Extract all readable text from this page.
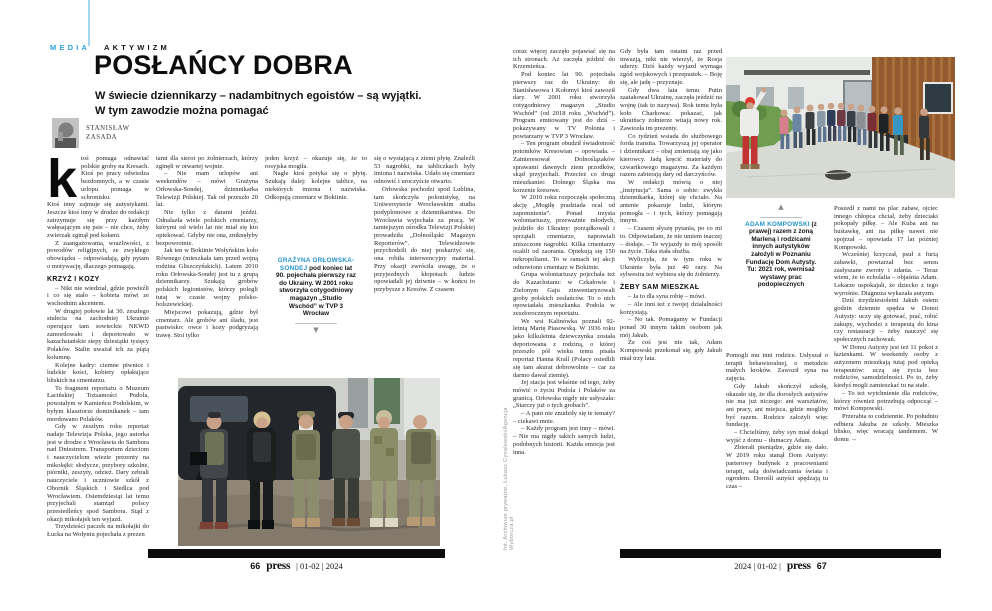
MEDIA AKTYWIZM
POSŁAŃCY DOBRA

W świecie dziennikarzy – nadambitnych egoistów – są wyjątki.
W tym zawodzie można pomagać

STANISŁAW
ZASADA

ktoś pomaga odnawiać polskie groby na Kresach. Ktoś po pracy odwiedza bezdomnych, a w czasie urlopu pomaga w schronisku.

Ktoś inny zajmuje się autystykami. Jeszcze ktoś inny w drodze do redakcji zatrzymuje się przy każdym wałęsającym się psie – nie chce, żeby zwierzak zginął pod kołami.

Z zaangażowania, wrażliwości, z powodów religijnych, ze zwykłego obowiązku – odpowiadają, gdy pytam o motywację, dlaczego pomagają.

KRZYŻ I KOZY

– Nikt nie wiedział, gdzie powieźli i co się stało – kobieta mówi ze wschodnim akcentem.

W drugiej połowie lat 30. zeszłego stulecia na zachodniej Ukrainie operujące tam sowieckie NKWD zamordowało i deportowało w kazachstańskie stepy dziesiątki tysięcy Polaków. Stalin uważał ich za piątą kolumnę.

Kolejne kadry: ciemne piwnice i ludzkie kości, kobiety opłakujące bliskich na cmentarzu.

To fragment reportażu o Muzeum Łacińskiej Tożsamości Podola, powstałym w Kamieńcu Podolskim, w byłym klasztorze dominikanek – tam mordowano Polaków.

Gdy w zeszłym roku reportaż nadaje Telewizja Polska, jego autorka jest w drodze z Wrocławia do Sambora nad Dniestrem. Transportem dzieciom i nauczycielom wiezie prezenty na mikołajki: słodycze, przybory szkolne, piórniki, zeszyty, odzież. Dary zebrali nauczyciele i uczniowie szkół z Obornik Śląskich i Siedlca pod Wrocławiem. Osiemdziesiąt lat temu przyjechali stamtąd polscy przesiedleńcy spod Sambora. Stąd z okazji mikołajek ten wyjazd.

Trzydzieści paczek na mikołajki do Łucka na Wołyniu pojechała z prezen

tami dla sierot po żołnierzach, którzy zginęli w otwartej wojnie.

– Nie mam urlopów ani weekendów – mówi Grażyna Orłowska-Sondej, dziennikarka Telewizji Polskiej. Tak od przeszło 20 lat.

Nie tylko z darami jeździ. Odnalazła wiele polskich cmentarzy, którymi od wielu lat nie miał się kto opiekować. Gdyby nie ona, zniknęłyby bezpowrotnie.

Jak ten w Bokiinie Wołyńskim koło Równego (mieszkała tam przed wojną rodzina Gliszczyńskich). Latem 2010 roku Orłowska-Sondej jest tu z grupą dziennikarzy. Szukają grobów polskich legionistów, którzy polegli tutaj w czasie wojny polsko-bolszewickiej.

Miejscowi pokazują, gdzie był cmentarz. Ale grobów ani śladu, jest pastwisko: owce i kozy podgryzają trawę. Stoi tylko

jeden krzyż – okazuje się, że to rosyjska mogiła.

Nagle ktoś potyka się o płytę. Szukają dalej: kolejne tablice, na niektórych imiona i nazwiska. Odkopują cmentarz w Bokiinie.

GRAŻYNA ORŁOWSKA-SONDEJ pod koniec lat 90. pojechała pierwszy raz do Ukrainy. W 2001 roku stworzyła cotygodniowy magazyn „Studio Wschód” w TVP 3 Wrocław
▼

się o wystającą z ziemi płytę. Znaleźli 53 nagrobki, na tabliczkach były imiona i nazwiska. Udało się cmentarz odnowić i uroczyście otwarto.

Orłowska pochodzi spod Lublina, tam skończyła polonistykę, na Uniwersytecie Wrocławskim studia podyplomowe z dziennikarstwa. Do Wrocławia wyjechała za pracą. W tamtejszym ośrodku Telewizji Polskiej prowadziła „Dolnośląski Magazyn Reporterów”. Telewidzowie przychodzili do niej poskarżyć się, ona robiła interwencyjny materiał. Przy okazji zwróciła uwagę, że o przyjezdnych kłopotach ludzie opowiadali jej dziwnie – w końcu to przybysze z Kresów. Z czasem

66 press | 01-02 | 2024
fot. Archiwum prywatne, Łukasz Cynalewski/Agencja Wyborcza.pl

coraz więcej zaczęło pojawiać się na ich stronach. Aż zaczęła jeździć do Krzemieńca.

Pod koniec lat 90. pojechała pierwszy raz do Ukrainy: do Stanisławowa i Kołomyi ktoś zawoził dary. W 2001 roku stworzyła cotygodniowy magazyn „Studio Wschód” (od 2018 roku „Wschód”). Program emitowany jest do dziś – pokazywany w TV Polonia i powtarzany w TVP 3 Wrocław.

– Ten program obudził świadomość potomków Kresowian – opowiada. – Zainteresował Dolnoślązaków sprawami dawnych ziem przodków, skąd przyjechali. Przecież co drugi mieszkaniec Dolnego Śląska ma korzenie kresowe.

W 2010 roku rozpoczęła społeczną akcję „Mogiłę pradziada ocal od zapomnienia”. Ponad trzysta wolontariuszy, przeważnie młodych, jeździło do Ukrainy: porządkowali i sprzątali cmentarze, naprawiali zniszczone nagrobki. Kilka cmentarzy ocalili od zaorania. Opiekują się 150 nekropoliami. To w ramach tej akcji odnowiono cmentarz w Bokiinie.

Grupa wolontariuszy pojechała też do Kazachstanu: w Czkałowie i Zielonym Gaju zinwentaryzowali groby polskich zesłańców. To o nich opowiadała mieszkanka Podola w zeszłorocznym reportażu.

We wsi Kalinówka poznali 92-letnią Martę Piasowską. W 1936 roku jako kilkuletnia dziewczynka została deportowana z rodziną, o której przeszło pół wieku temu pisała reportaż Hanna Krall (Polacy osiedlili się tam akurat dobrowolnie – car za darmo dawał ziemię).

Jej stacja jest właśnie od tego, żeby mówić o życiu Podola i Polaków za granicą. Orłowska nigdy nie usłyszała: „Starczy już o tych grobach”.

– A pani nie znudziły się te tematy? – ciekawi mnie.

– Każdy program jest inny – mówi. – Nie ma nigdy takich samych ludzi, podobnych historii. Każda emocja jest inna.

Gdy była tam ostatni raz przed inwazją, nikt nie wierzył, że Rosja uderzy. Dziś każdy wyjazd wymaga zgód wojskowych i przepustek. – Boję się, ale jadę – przyznaje.

Gdy dwa lata temu Putin zaatakował Ukrainę, zaczęła jeździć na wojnę (tak to nazywa). Rok temu była koło Charkowa: pokazać, jak ukraińscy żołnierze witają nowy rok. Zawiozła im prezenty.

Co tydzień wsiada do służbowego forda transita. Towarzyszą jej operator i dziennikarz – obaj zmieniają się jako kierowcy. Jadą kręcić materiały do czwartkowego magazynu. Za każdym razem zabierają dary od darczyńców.

W redakcji mówią o niej „instytucja”. Sama o sobie: zwykła dziennikarka, której się chciało. Na antenie pokazuje ludzi, którym pomogła – i tych, którzy pomagają innym.

– Czasem słyszę pytania, po co mi to. Odpowiadam, że nie umiem inaczej – dodaje. – Te wyjazdy to mój sposób na życie. Taka stała służba.

Wyliczyła, że w tym roku w Ukrainie była już 40 razy. Na sylwestra też wybiera się do żołnierzy.

ŻEBY SAM MIESZKAŁ

– Ja to dla syna robię – mówi.

– Ale inni też z twojej działalności korzystają.

– No tak. Pomagamy w Fundacji ponad 30 innym takim osobom jak mój Jakub.

Że coś jest nie tak, Adam Kompowski przekonał się, gdy Jakub miał trzy lata.

▲
ADAM KOMPOWSKI (z prawej) razem z żoną Marleną i rodzicami innych autystyków założyli w Poznaniu Fundację Dom Autysty. Tu: 2021 rok, wernisaż wystawy prac podopiecznych

Pomogli mu inni rodzice. Usłyszał o terapii behawioralnej, o metodzie małych kroków. Zawoził syna na zajęcia.

Gdy Jakub skończył szkołę, okazało się, że dla dorosłych autystów nie ma już niczego: ani warsztatów, ani pracy, ani miejsca, gdzie mogliby być razem. Rodzice założyli więc fundację.

– Chcieliśmy, żeby syn miał dokąd wyjść z domu – tłumaczy Adam.

Zbierali pieniądze, gdzie się dało. W 2019 roku stanął Dom Autysty: parterowy budynek z pracowniami terapii, salą doświadczania świata i ogrodem. Dorośli autyści spędzają tu czas –

Poszedł z nami na plac zabaw, ojciec innego chłopca chciał, żeby dzieciaki pokopały piłkę. – Ale Kuba ani na huśtawkę, ani na piłkę nawet nie spojrzał – opowiada 17 lat później Kompowski.

Wcześniej krzyczał, psuł z furią zabawki, powtarzał bez sensu zasłyszane zwroty i zdania. – Teraz wiem, że to echolalia – objaśnia Adam. Lekarze uspokajali, że dziecko z tego wyrośnie. Diagnoza wykazała autyzm.

Dziś trzydziestoletni Jakub osiem godzin dziennie spędza w Domu Autysty: uczy się gotować, prać, robić zakupy, wychodzi z terapeutą do kina czy restauracji – żeby nauczyć się społecznych zachowań.

W Domu Autysty jest też 11 pokoi z łazienkami. W weekendy osoby z autyzmem mieszkają tutaj pod opieką terapeutów: uczą się życia bez rodziców, samodzielności. Po to, żeby kiedyś mogli zamieszkać tu na stałe.

– To też wytchnienie dla rodziców, którzy również potrzebują odpocząć – mówi Kompowski.

Przerabia to codziennie. Po południu odbiera Jakuba ze szkoły. Mieszka blisko, więc wracają tandemem. W domu →

2024 | 01-02 | press 67
